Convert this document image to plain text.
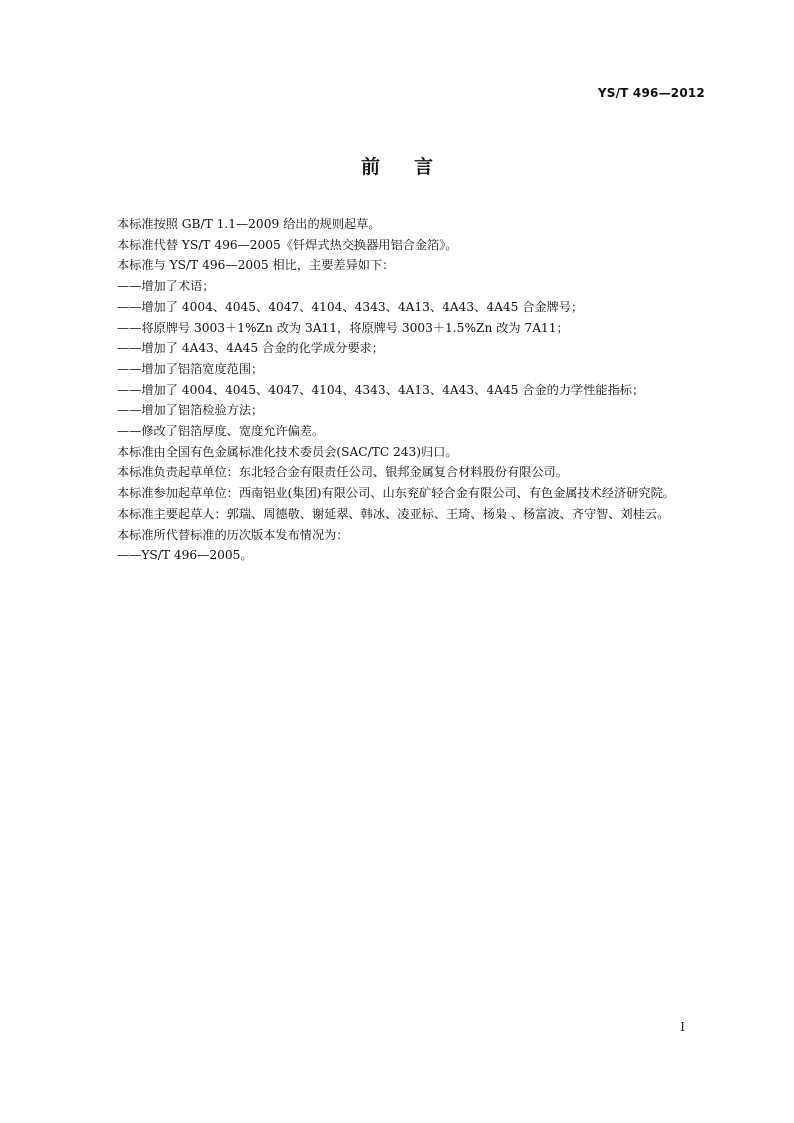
YS/T 496—2012
前言

本标准按照 GB/T 1.1—2009 给出的规则起草。

本标准代替 YS/T 496—2005《钎焊式热交换器用铝合金箔》。

本标准与 YS/T 496—2005 相比，主要差异如下：

——增加了术语；

——增加了 4004、4045、4047、4104、4343、4A13、4A43、4A45 合金牌号；

——将原牌号 3003＋1%Zn 改为 3A11，将原牌号 3003＋1.5%Zn 改为 7A11；

——增加了 4A43、4A45 合金的化学成分要求；

——增加了铝箔宽度范围；

——增加了 4004、4045、4047、4104、4343、4A13、4A43、4A45 合金的力学性能指标；

——增加了铝箔检验方法；

——修改了铝箔厚度、宽度允许偏差。

本标准由全国有色金属标准化技术委员会(SAC/TC 243)归口。

本标准负责起草单位：东北轻合金有限责任公司、银邦金属复合材料股份有限公司。

本标准参加起草单位：西南铝业(集团)有限公司、山东兖矿轻合金有限公司、有色金属技术经济研究院。

本标准主要起草人：郭瑞、周德敬、谢延翠、韩冰、凌亚标、王琦、杨枭 、杨富波、齐守智、刘桂云。

本标准所代替标准的历次版本发布情况为：

——YS/T 496—2005。

I
